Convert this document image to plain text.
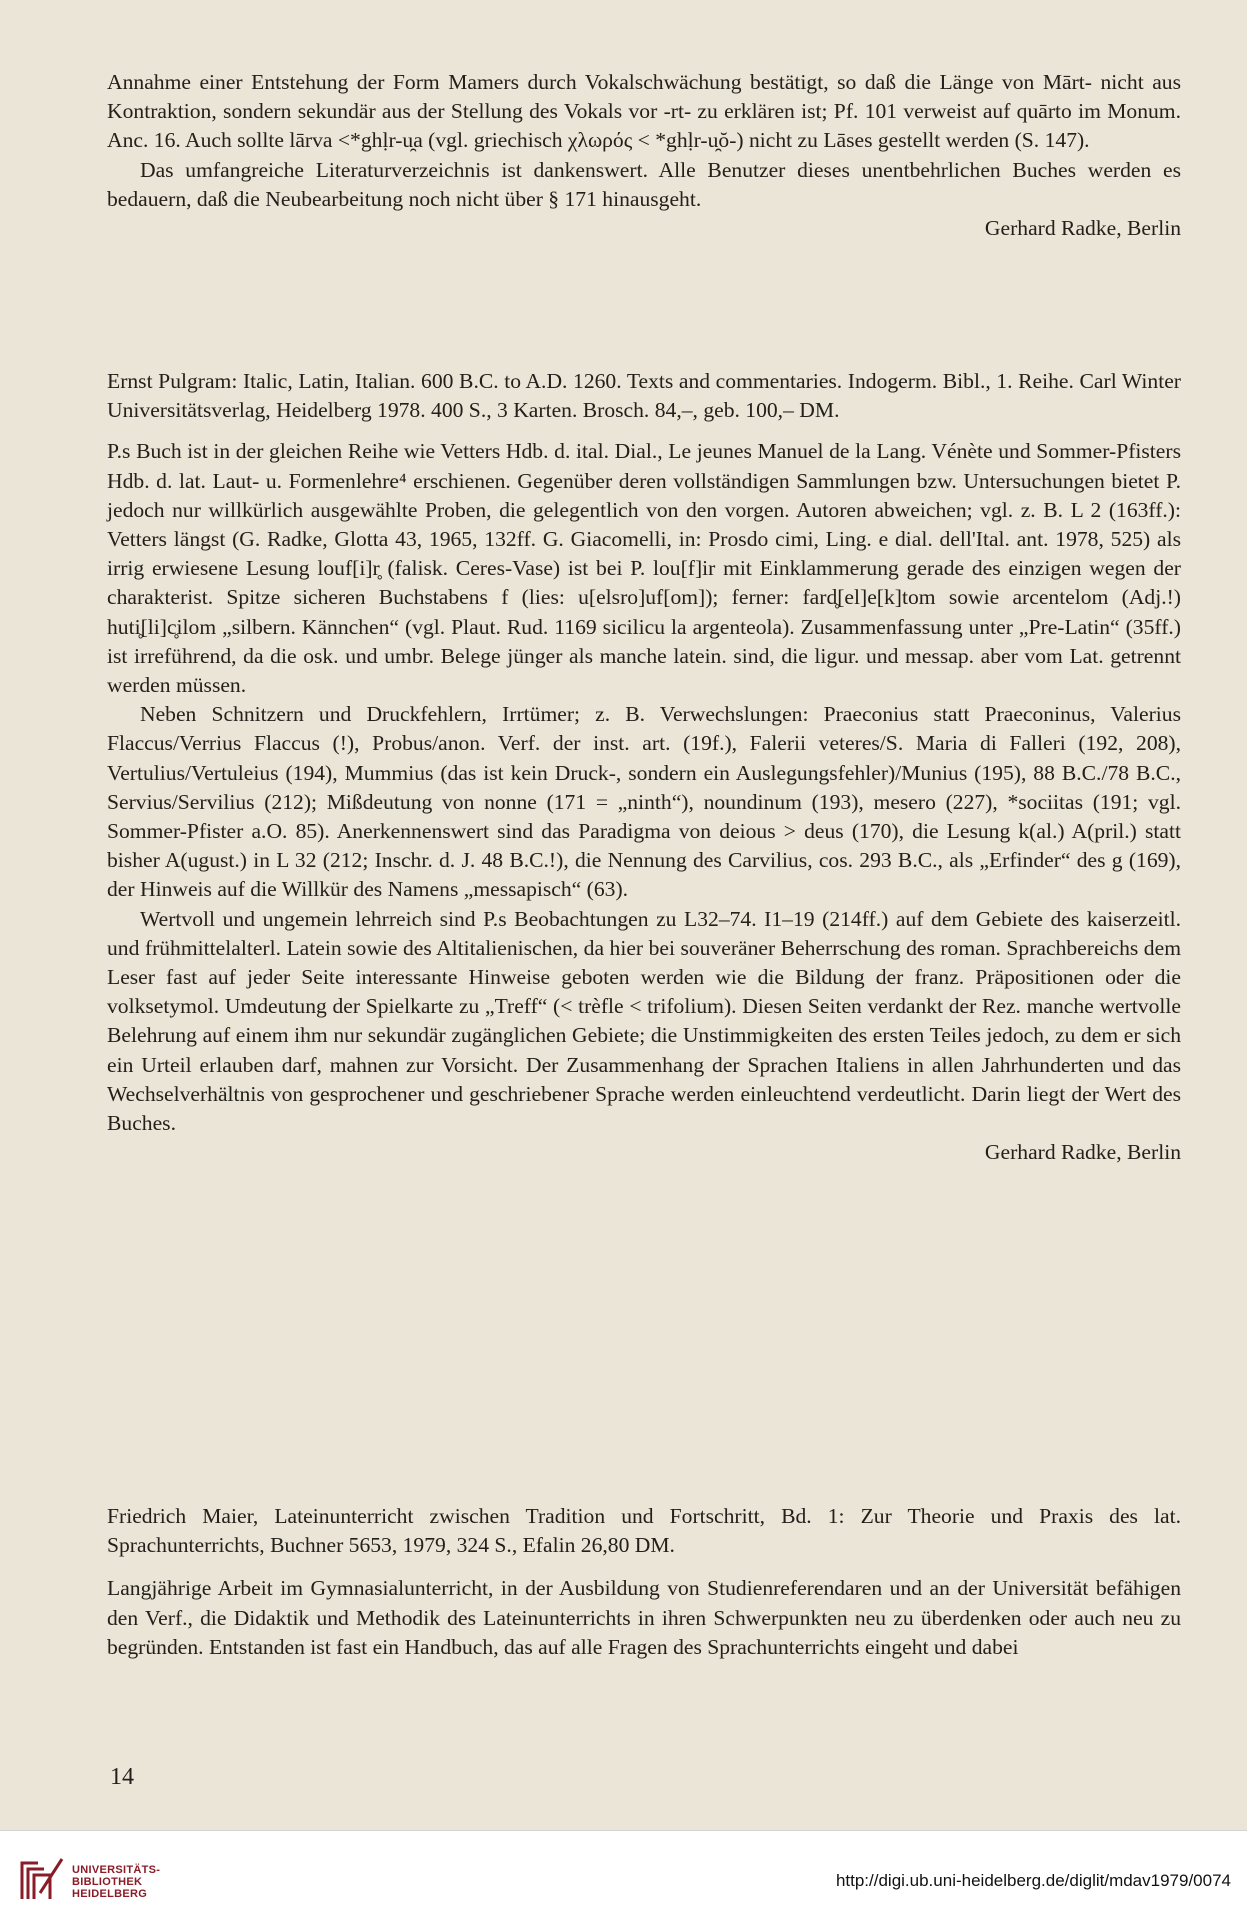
Annahme einer Entstehung der Form Mamers durch Vokalschwächung bestätigt, so daß die Länge von Mārt- nicht aus Kontraktion, sondern sekundär aus der Stellung des Vokals vor -rt- zu erklären ist; Pf. 101 verweist auf quārto im Monum. Anc. 16. Auch sollte lārva <*ghḷr-u̯a (vgl. griechisch χλωρός < *ghḷr-u̯ŏ-) nicht zu Lāses gestellt werden (S. 147).

Das umfangreiche Literaturverzeichnis ist dankenswert. Alle Benutzer dieses unentbehrlichen Buches werden es bedauern, daß die Neubearbeitung noch nicht über § 171 hinausgeht.

Gerhard Radke, Berlin

Ernst Pulgram: Italic, Latin, Italian. 600 B.C. to A.D. 1260. Texts and commentaries. Indogerm. Bibl., 1. Reihe. Carl Winter Universitätsverlag, Heidelberg 1978. 400 S., 3 Karten. Brosch. 84,–, geb. 100,– DM.

P.s Buch ist in der gleichen Reihe wie Vetters Hdb. d. ital. Dial., Le jeunes Manuel de la Lang. Vénète und Sommer-Pfisters Hdb. d. lat. Laut- u. Formenlehre⁴ erschienen. Gegenüber deren vollständigen Sammlungen bzw. Untersuchungen bietet P. jedoch nur willkürlich ausgewählte Proben, die gelegentlich von den vorgen. Autoren abweichen; vgl. z. B. L 2 (163ff.): Vetters längst (G. Radke, Glotta 43, 1965, 132ff. G. Giacomelli, in: Prosdo cimi, Ling. e dial. dell'Ital. ant. 1978, 525) als irrig erwiesene Lesung louf[i]r̥ (falisk. Ceres-Vase) ist bei P. lou[f]ir mit Einklammerung gerade des einzigen wegen der charakterist. Spitze sicheren Buchstabens f (lies: u[elsro]uf[om]); ferner: fard̥[el]e[k]tom sowie arcentelom (Adj.!) huti̥[li]c̥ilom „silbern. Kännchen“ (vgl. Plaut. Rud. 1169 sicilicu la argenteola). Zusammenfassung unter „Pre-Latin“ (35ff.) ist irreführend, da die osk. und umbr. Belege jünger als manche latein. sind, die ligur. und messap. aber vom Lat. getrennt werden müssen.

Neben Schnitzern und Druckfehlern, Irrtümer; z. B. Verwechslungen: Praeconius statt Praeconinus, Valerius Flaccus/Verrius Flaccus (!), Probus/anon. Verf. der inst. art. (19f.), Falerii veteres/S. Maria di Falleri (192, 208), Vertulius/Vertuleius (194), Mummius (das ist kein Druck-, sondern ein Auslegungsfehler)/Munius (195), 88 B.C./78 B.C., Servius/Servilius (212); Mißdeutung von nonne (171 = „ninth“), noundinum (193), mesero (227), *sociitas (191; vgl. Sommer-Pfister a.O. 85). Anerkennenswert sind das Paradigma von deious > deus (170), die Lesung k(al.) A(pril.) statt bisher A(ugust.) in L 32 (212; Inschr. d. J. 48 B.C.!), die Nennung des Carvilius, cos. 293 B.C., als „Erfinder“ des g (169), der Hinweis auf die Willkür des Namens „messapisch“ (63).

Wertvoll und ungemein lehrreich sind P.s Beobachtungen zu L32–74. I1–19 (214ff.) auf dem Gebiete des kaiserzeitl. und frühmittelalterl. Latein sowie des Altitalienischen, da hier bei souveräner Beherrschung des roman. Sprachbereichs dem Leser fast auf jeder Seite interessante Hinweise geboten werden wie die Bildung der franz. Präpositionen oder die volksetymol. Umdeutung der Spielkarte zu „Treff“ (< trèfle < trifolium). Diesen Seiten verdankt der Rez. manche wertvolle Belehrung auf einem ihm nur sekundär zugänglichen Gebiete; die Unstimmigkeiten des ersten Teiles jedoch, zu dem er sich ein Urteil erlauben darf, mahnen zur Vorsicht. Der Zusammenhang der Sprachen Italiens in allen Jahrhunderten und das Wechselverhältnis von gesprochener und geschriebener Sprache werden einleuchtend verdeutlicht. Darin liegt der Wert des Buches.

Gerhard Radke, Berlin

Friedrich Maier, Lateinunterricht zwischen Tradition und Fortschritt, Bd. 1: Zur Theorie und Praxis des lat. Sprachunterrichts, Buchner 5653, 1979, 324 S., Efalin 26,80 DM.

Langjährige Arbeit im Gymnasialunterricht, in der Ausbildung von Studienreferendaren und an der Universität befähigen den Verf., die Didaktik und Methodik des Lateinunterrichts in ihren Schwerpunkten neu zu überdenken oder auch neu zu begründen. Entstanden ist fast ein Handbuch, das auf alle Fragen des Sprachunterrichts eingeht und dabei

14
UNIVERSITÄTS-
BIBLIOTHEK
HEIDELBERG
http://digi.ub.uni-heidelberg.de/diglit/mdav1979/0074
